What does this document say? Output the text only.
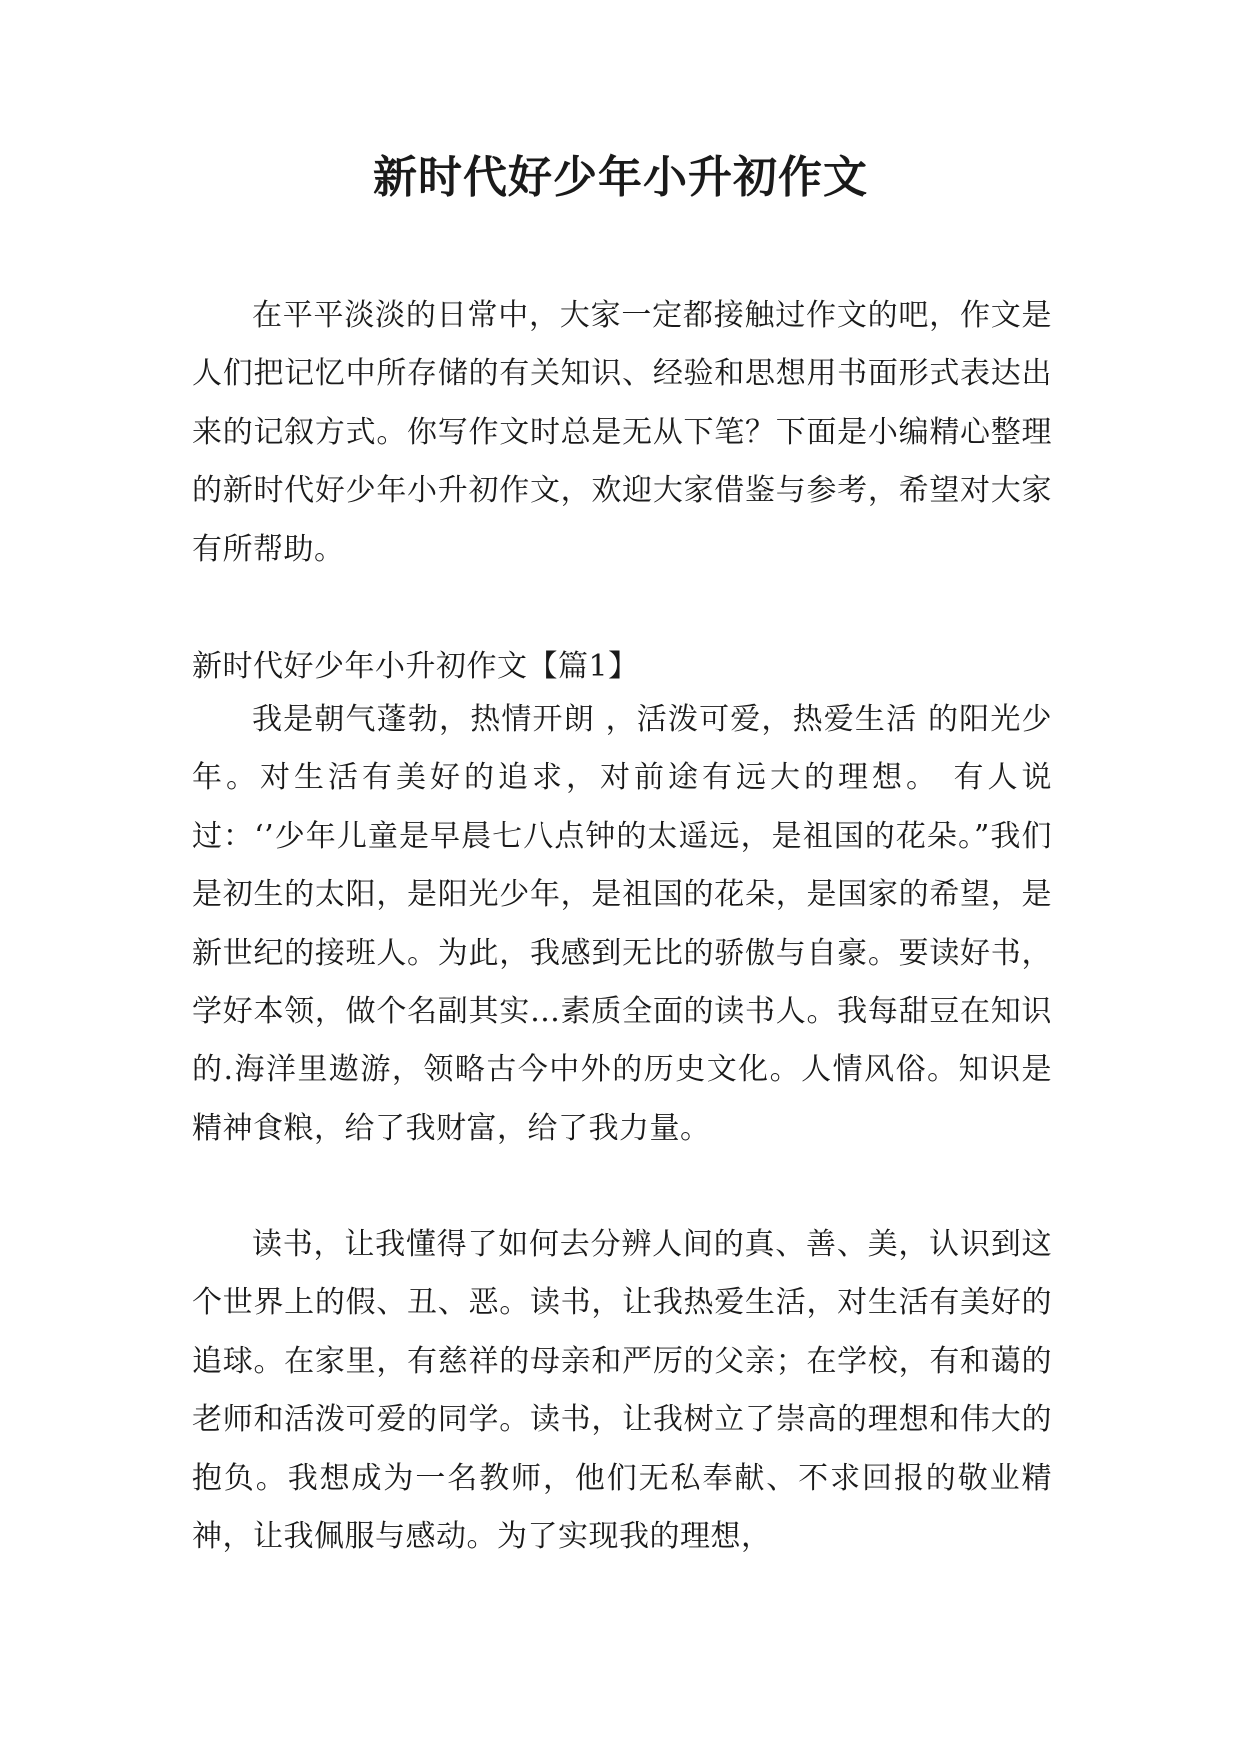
新时代好少年小升初作文

在平平淡淡的日常中，大家一定都接触过作文的吧，作文是人们把记忆中所存储的有关知识、经验和思想用书面形式表达出来的记叙方式。你写作文时总是无从下笔？下面是小编精心整理的新时代好少年小升初作文，欢迎大家借鉴与参考，希望对大家有所帮助。

新时代好少年小升初作文【篇1】

我是朝气蓬勃，热情开朗 ，活泼可爱，热爱生活 的阳光少年。对生活有美好的追求，对前途有远大的理想。 有人说过：‘’少年儿童是早晨七八点钟的太遥远，是祖国的花朵。”我们是初生的太阳，是阳光少年，是祖国的花朵，是国家的希望，是新世纪的接班人。为此，我感到无比的骄傲与自豪。要读好书，学好本领，做个名副其实…素质全面的读书人。我每甜豆在知识的.海洋里遨游，领略古今中外的历史文化。人情风俗。知识是精神食粮，给了我财富，给了我力量。

读书，让我懂得了如何去分辨人间的真、善、美，认识到这个世界上的假、丑、恶。读书，让我热爱生活，对生活有美好的追球。在家里，有慈祥的母亲和严厉的父亲；在学校，有和蔼的老师和活泼可爱的同学。读书，让我树立了崇高的理想和伟大的抱负。我想成为一名教师，他们无私奉献、不求回报的敬业精神，让我佩服与感动。为了实现我的理想，
